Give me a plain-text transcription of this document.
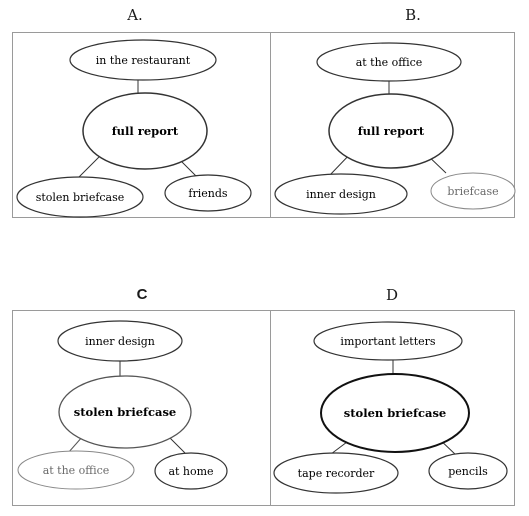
A.	B.
C	D
in the restaurant
full report
stolen briefcase	friends
at the office
full report
inner design	briefcase
inner design
stolen briefcase
at the office	at home
important letters
stolen briefcase
tape recorder	pencils
